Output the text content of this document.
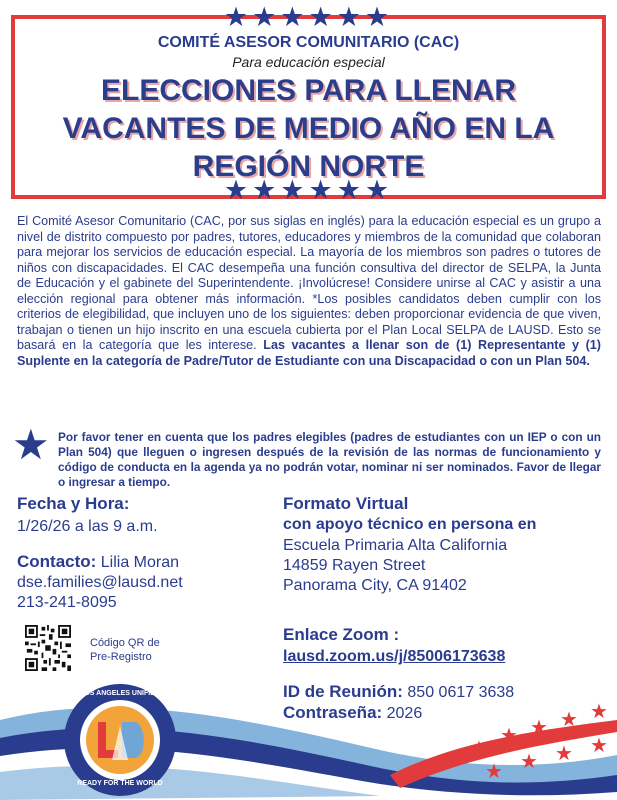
★★★★★★
COMITÉ ASESOR COMUNITARIO (CAC)
Para educación especial
ELECCIONES PARA LLENAR
VACANTES DE MEDIO AÑO EN LA
REGIÓN NORTE
★★★★★★
El Comité Asesor Comunitario (CAC, por sus siglas en inglés) para la educación especial es un grupo a nivel de distrito compuesto por padres, tutores, educadores y miembros de la comunidad que colaboran para mejorar los servicios de educación especial. La mayoría de los miembros son padres o tutores de niños con discapacidades. El CAC desempeña una función consultiva del director de SELPA, la Junta de Educación y el gabinete del Superintendente. ¡Involúcrese! Considere unirse al CAC y asistir a una elección regional para obtener más información. *Los posibles candidatos deben cumplir con los criterios de elegibilidad, que incluyen uno de los siguientes: deben proporcionar evidencia de que viven, trabajan o tienen un hijo inscrito en una escuela cubierta por el Plan Local SELPA de LAUSD. Esto se basará en la categoría que les interese. Las vacantes a llenar son de (1) Representante y (1) Suplente en la categoría de Padre/Tutor de Estudiante con una Discapacidad o con un Plan 504.
★ Por favor tener en cuenta que los padres elegibles (padres de estudiantes con un IEP o con un Plan 504) que lleguen o ingresen después de la revisión de las normas de funcionamiento y código de conducta en la agenda ya no podrán votar, nominar ni ser nominados. Favor de llegar o ingresar a tiempo.
Fecha y Hora:
1/26/26 a las 9 a.m.
Contacto: Lilia Moran
dse.families@lausd.net
213-241-8095
Código QR de
Pre-Registro
Formato Virtual
con apoyo técnico en persona en
Escuela Primaria Alta California
14859 Rayen Street
Panorama City, CA 91402
Enlace Zoom :
lausd.zoom.us/j/85006173638
ID de Reunión: 850 0617 3638
Contraseña: 2026
★
★ ★ ★ ★
★ ★ ★ ★
LOS ANGELES UNIFIED
READY FOR THE WORLD
